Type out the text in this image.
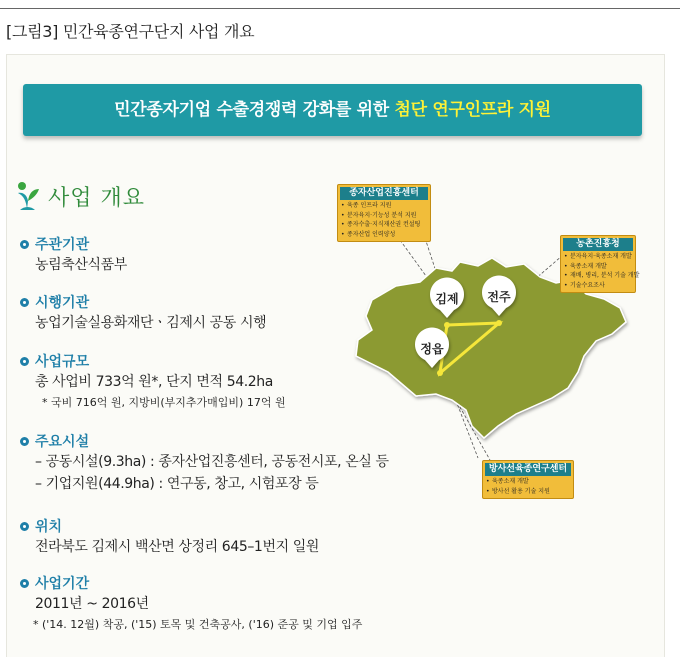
[그림3] 민간육종연구단지 사업 개요
민간종자기업 수출경쟁력 강화를 위한 첨단 연구인프라 지원
사업 개요
주관기관
농림축산식품부
시행기관
농업기술실용화재단ㆍ김제시 공동 시행
사업규모
총 사업비 733억 원*, 단지 면적 54.2ha
* 국비 716억 원, 지방비(부지추가매입비) 17억 원
주요시설
– 공동시설(9.3ha) : 종자산업진흥센터, 공동전시포, 온실 등
– 기업지원(44.9ha) : 연구동, 창고, 시험포장 등
위치
전라북도 김제시 백산면 상정리 645–1번지 일원
사업기간
2011년 ~ 2016년
* ('14. 12월) 착공, ('15) 토목 및 건축공사, ('16) 준공 및 기업 입주
김제 전주
정읍
종자산업진흥센터
• 육종 인프라 지원
• 분자육지·기능성 분석 지원
• 종자수출·지식재산권 컨설팅
• 종자산업 인력양성
농촌진흥청
• 분자육지·육종소재 개발
• 육종소재 개발
• 재배, 병리, 분석 기술 개발
• 기술수요조사
방사선육종연구센터
• 육종소재 개발
• 방사선 활용 기술 지원
